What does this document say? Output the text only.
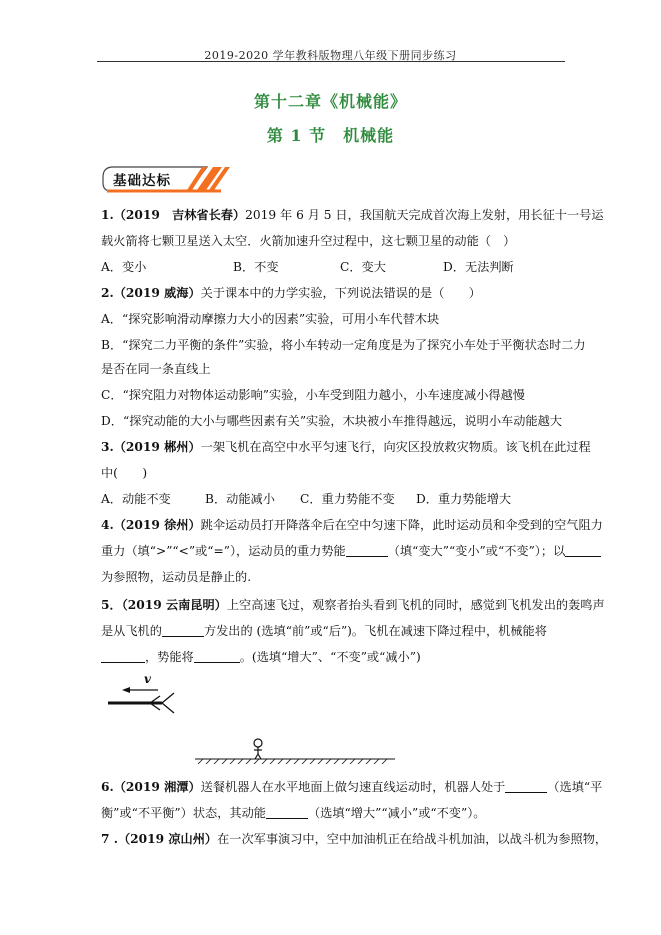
2019-2020 学年教科版物理八年级下册同步练习
第十二章《机械能》
第 1 节　机械能
基础达标
1.（2019　吉林省长春）2019 年 6 月 5 日，我国航天完成首次海上发射，用长征十一号运
载火箭将七颗卫星送入太空．火箭加速升空过程中，这七颗卫星的动能（　）
A．变小	B．不变	C．变大	D．无法判断
2.（2019 威海）关于课本中的力学实验，下列说法错误的是（　　）
A．“探究影响滑动摩擦力大小的因素”实验，可用小车代替木块
B．“探究二力平衡的条件”实验，将小车转动一定角度是为了探究小车处于平衡状态时二力
是否在同一条直线上
C．“探究阻力对物体运动影响”实验，小车受到阻力越小，小车速度减小得越慢
D．“探究动能的大小与哪些因素有关”实验，木块被小车推得越远，说明小车动能越大
3.（2019 郴州）一架飞机在高空中水平匀速飞行，向灾区投放救灾物质。该飞机在此过程
中(　　)
A．动能不变	B．动能减小 C．重力势能不变 D．重力势能增大
4.（2019 徐州）跳伞运动员打开降落伞后在空中匀速下降，此时运动员和伞受到的空气阻力
重力（填“>”“<”或“=”），运动员的重力势能	（填“变大”“变小”或“不变”）；以
为参照物，运动员是静止的.
5．（2019 云南昆明）上空高速飞过，观察者抬头看到飞机的同时，感觉到飞机发出的轰鸣声
是从飞机的	方发出的 (选填“前”或“后”)。飞机在减速下降过程中，机械能将
，势能将	。(选填“增大”、“不变”或“减小”)
v
6.（2019 湘潭）送餐机器人在水平地面上做匀速直线运动时，机器人处于	（选填“平
衡”或“不平衡”）状态，其动能	（选填“增大”“减小”或“不变”）。
7 .（2019 凉山州）在一次军事演习中，空中加油机正在给战斗机加油，以战斗机为参照物，
